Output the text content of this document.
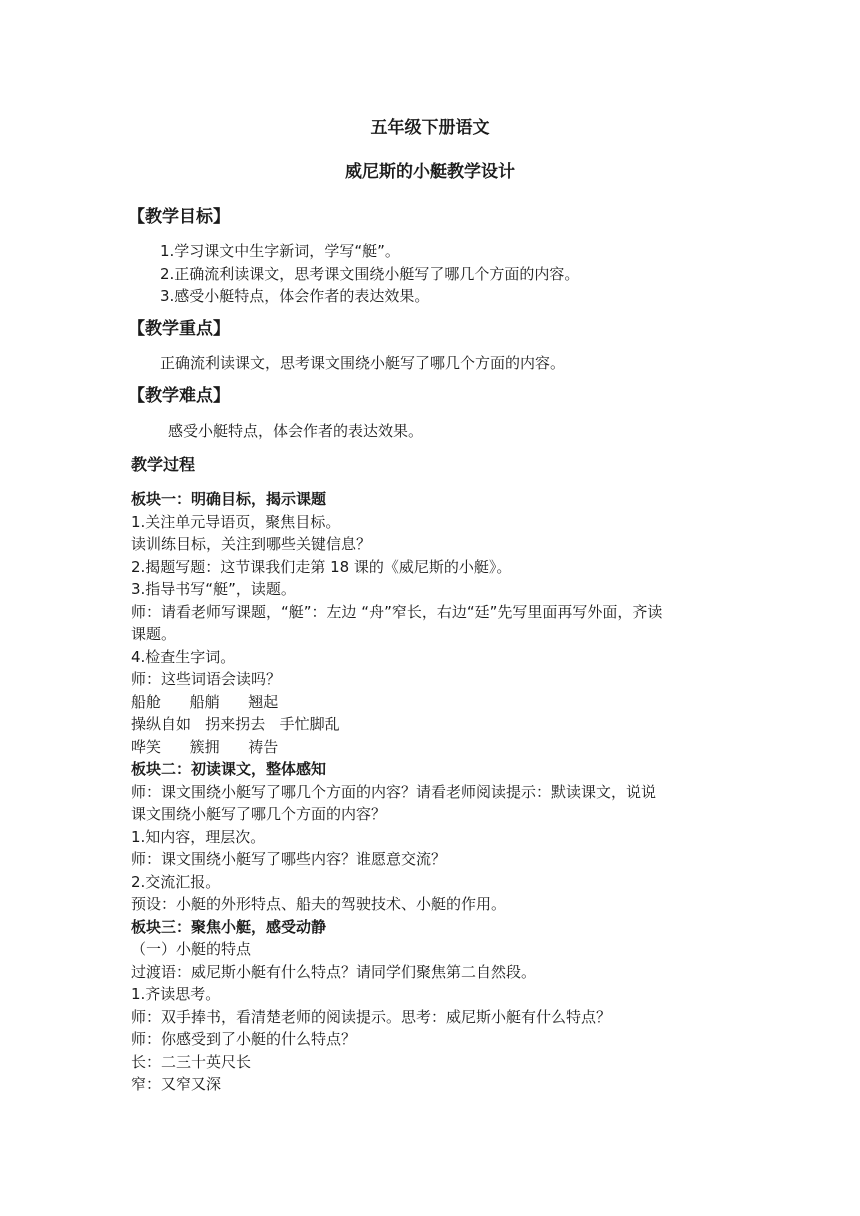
五年级下册语文
威尼斯的小艇教学设计
【教学目标】
1.学习课文中生字新词，学写“艇”。
2.正确流利读课文，思考课文围绕小艇写了哪几个方面的内容。
3.感受小艇特点，体会作者的表达效果。
【教学重点】
正确流利读课文，思考课文围绕小艇写了哪几个方面的内容。
【教学难点】
感受小艇特点，体会作者的表达效果。
教学过程
板块一：明确目标，揭示课题
1.关注单元导语页，聚焦目标。
读训练目标，关注到哪些关键信息？
2.揭题写题：这节课我们走第 18 课的《威尼斯的小艇》。
3.指导书写“艇”，读题。
师：请看老师写课题，“艇”：左边 “舟”窄长，右边“廷”先写里面再写外面，齐读
课题。
4.检查生字词。
师：这些词语会读吗？
船舱      船艄      翘起
操纵自如   拐来拐去   手忙脚乱
哗笑      簇拥      祷告
板块二：初读课文，整体感知
师：课文围绕小艇写了哪几个方面的内容？请看老师阅读提示：默读课文，说说
课文围绕小艇写了哪几个方面的内容？
1.知内容，理层次。
师：课文围绕小艇写了哪些内容？谁愿意交流？
2.交流汇报。
预设：小艇的外形特点、船夫的驾驶技术、小艇的作用。
板块三：聚焦小艇，感受动静
（一）小艇的特点
过渡语：威尼斯小艇有什么特点？请同学们聚焦第二自然段。
1.齐读思考。
师：双手捧书，看清楚老师的阅读提示。思考：威尼斯小艇有什么特点？
师：你感受到了小艇的什么特点？
长：二三十英尺长
窄：又窄又深
